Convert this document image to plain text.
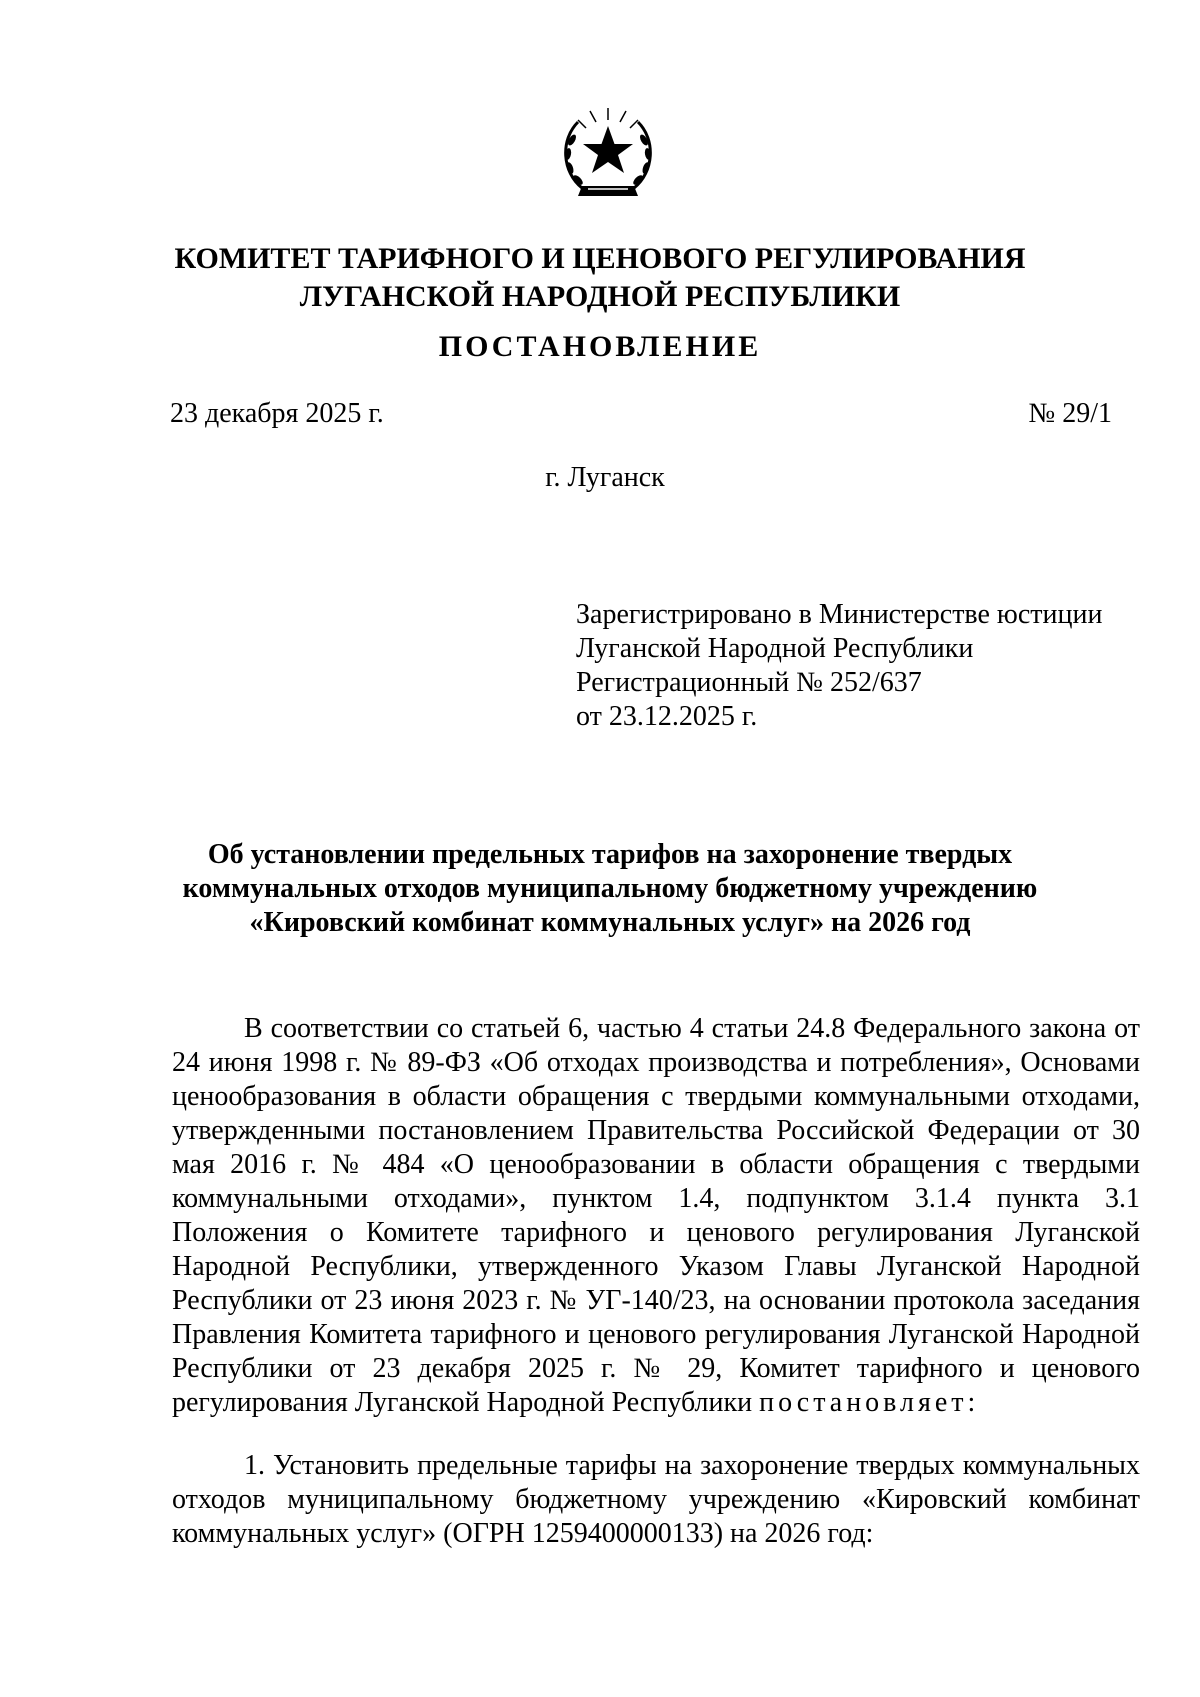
КОМИТЕТ ТАРИФНОГО И ЦЕНОВОГО РЕГУЛИРОВАНИЯ
ЛУГАНСКОЙ НАРОДНОЙ РЕСПУБЛИКИ
ПОСТАНОВЛЕНИЕ
23 декабря 2025 г.	№ 29/1
г. Луганск
Зарегистрировано в Министерстве юстиции
Луганской Народной Республики
Регистрационный № 252/637
от 23.12.2025 г.
Об установлении предельных тарифов на захоронение твердых
коммунальных отходов муниципальному бюджетному учреждению
«Кировский комбинат коммунальных услуг» на 2026 год

В соответствии со статьей 6, частью 4 статьи 24.8 Федерального закона от 24 июня 1998 г. № 89-ФЗ «Об отходах производства и потребления», Основами ценообразования в области обращения с твердыми коммунальными отходами, утвержденными постановлением Правительства Российской Федерации от 30 мая 2016 г. № 484 «О ценообразовании в области обращения с твердыми коммунальными отходами», пунктом 1.4, подпунктом 3.1.4 пункта 3.1 Положения о Комитете тарифного и ценового регулирования Луганской Народной Республики, утвержденного Указом Главы Луганской Народной Республики от 23 июня 2023 г. № УГ-140/23, на основании протокола заседания Правления Комитета тарифного и ценового регулирования Луганской Народной Республики от 23 декабря 2025 г. № 29, Комитет тарифного и ценового регулирования Луганской Народной Республики постановляет:

1. Установить предельные тарифы на захоронение твердых коммунальных отходов муниципальному бюджетному учреждению «Кировский комбинат коммунальных услуг» (ОГРН 1259400000133) на 2026 год:
